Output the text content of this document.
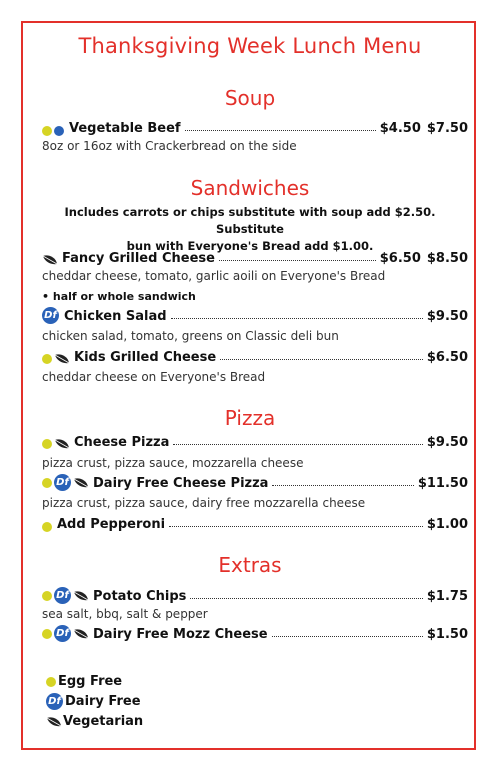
Thanksgiving Week Lunch Menu
Soup
Vegetable Beef	$4.50 $7.50
8oz or 16oz with Crackerbread on the side
Sandwiches
Includes carrots or chips substitute with soup add $2.50. Substitute
bun with Everyone's Bread add $1.00.
Fancy Grilled Cheese	$6.50 $8.50
cheddar cheese, tomato, garlic aoili on Everyone's Bread
• half or whole sandwich
Df Chicken Salad	$9.50
chicken salad, tomato, greens on Classic deli bun
Kids Grilled Cheese	$6.50
cheddar cheese on Everyone's Bread
Pizza
Cheese Pizza	$9.50
pizza crust, pizza sauce, mozzarella cheese
Df Dairy Free Cheese Pizza	$11.50
pizza crust, pizza sauce, dairy free mozzarella cheese
Add Pepperoni	$1.00
Extras
Df Potato Chips	$1.75
sea salt, bbq, salt & pepper
Df Dairy Free Mozz Cheese	$1.50
Egg Free
Df Dairy Free
Vegetarian
